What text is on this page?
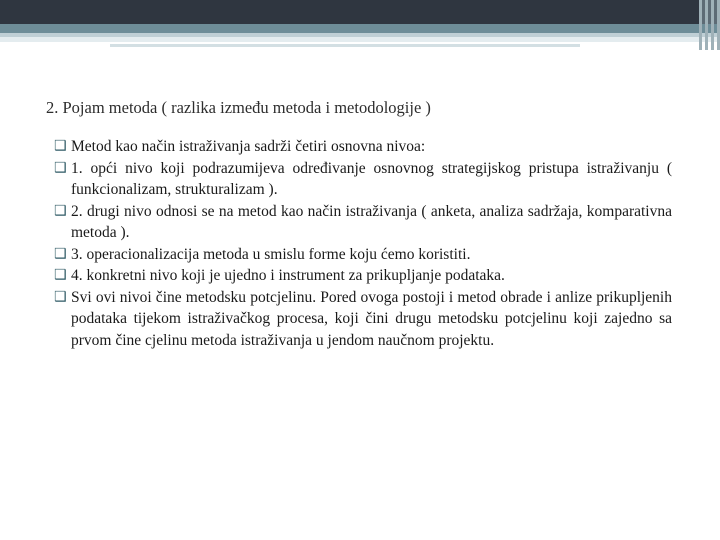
2. Pojam metoda ( razlika između metoda i metodologije )
❑ Metod kao način istraživanja sadrži četiri osnovna nivoa:
❑ 1. opći nivo koji podrazumijeva određivanje osnovnog strategijskog pristupa istraživanju ( funkcionalizam, strukturalizam ).
❑ 2. drugi nivo odnosi se na metod kao način istraživanja ( anketa, analiza sadržaja, komparativna metoda ).
❑ 3. operacionalizacija metoda u smislu forme koju ćemo koristiti.
❑ 4. konkretni nivo koji je ujedno i instrument za prikupljanje podataka.
❑ Svi ovi nivoi čine metodsku potcjelinu. Pored ovoga postoji i metod obrade i anlize prikupljenih podataka tijekom istraživačkog procesa, koji čini drugu metodsku potcjelinu koji zajedno sa prvom čine cjelinu metoda istraživanja u jendom naučnom projektu.
